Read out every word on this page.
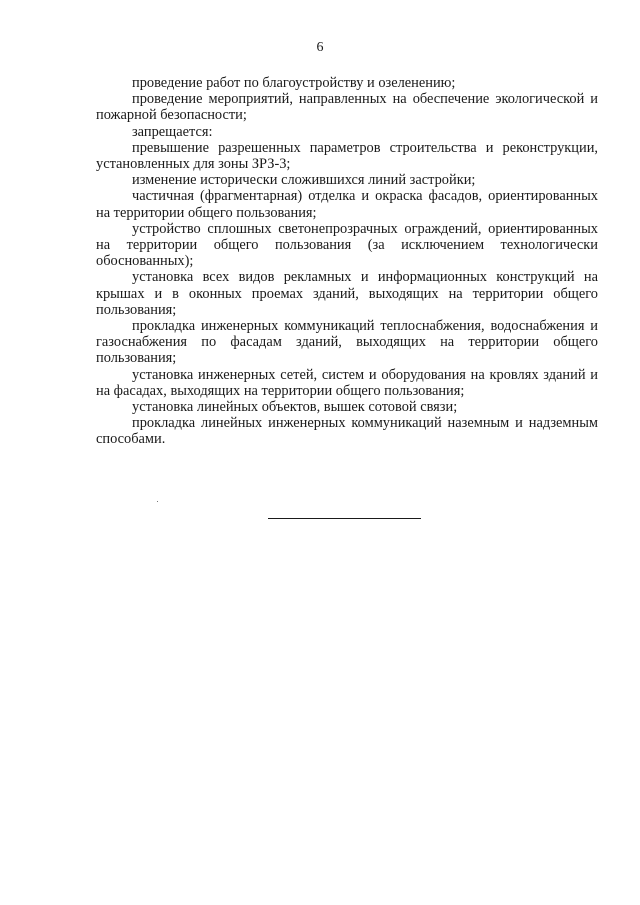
6

проведение работ по благоустройству и озеленению;

проведение мероприятий, направленных на обеспечение экологической и пожарной безопасности;

запрещается:

превышение разрешенных параметров строительства и реконструкции, установленных для зоны ЗРЗ-3;

изменение исторически сложившихся линий застройки;

частичная (фрагментарная) отделка и окраска фасадов, ориентированных на территории общего пользования;

устройство сплошных светонепрозрачных ограждений, ориентированных на территории общего пользования (за исключением технологически обоснованных);

установка всех видов рекламных и информационных конструкций на крышах и в оконных проемах зданий, выходящих на территории общего пользования;

прокладка инженерных коммуникаций теплоснабжения, водоснабжения и газоснабжения по фасадам зданий, выходящих на территории общего пользования;

установка инженерных сетей, систем и оборудования на кровлях зданий и на фасадах, выходящих на территории общего пользования;

установка линейных объектов, вышек сотовой связи;

прокладка линейных инженерных коммуникаций наземным и надземным способами.
